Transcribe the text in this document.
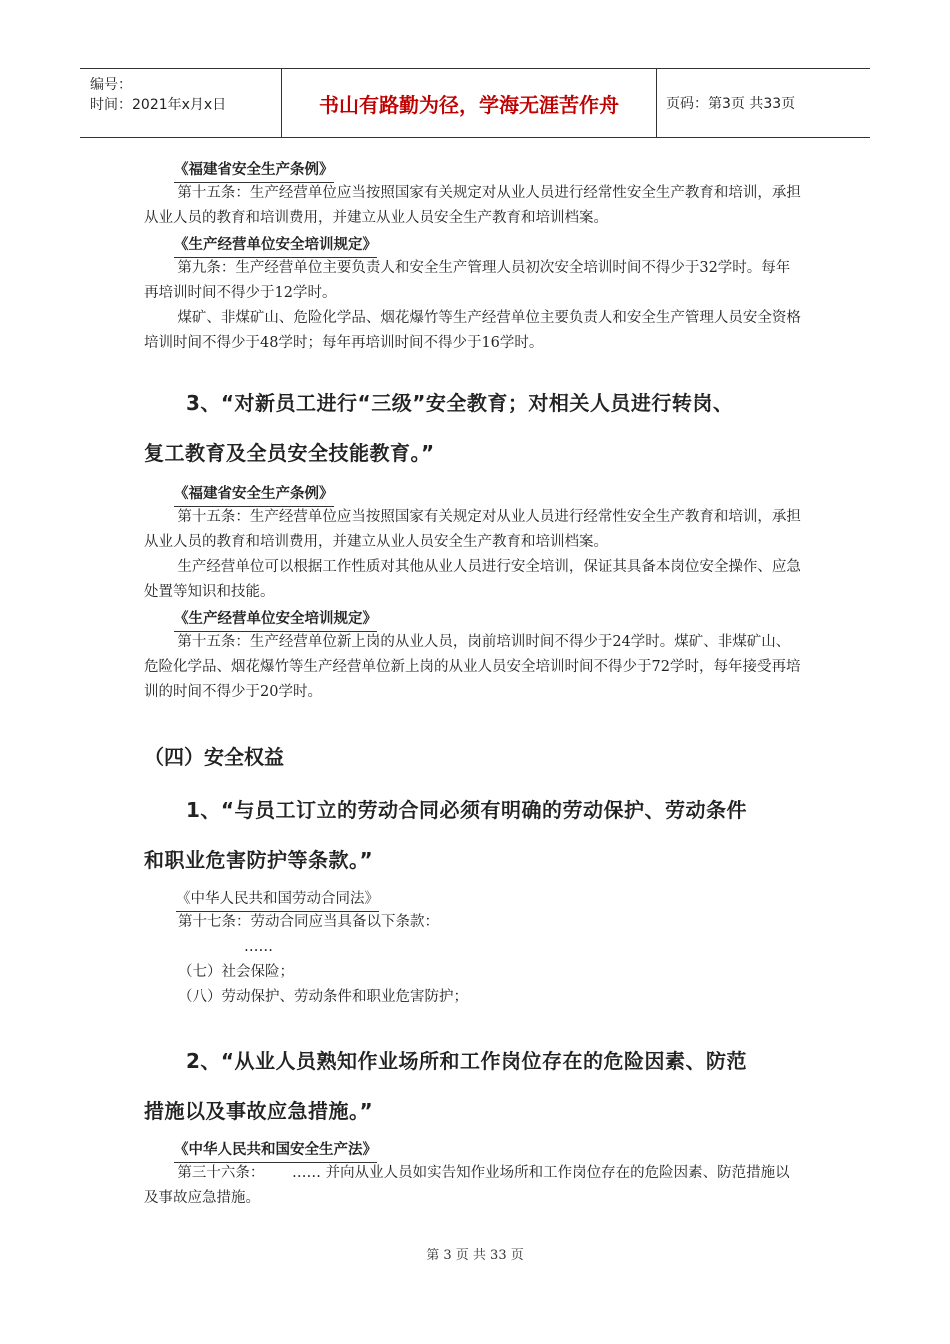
编号：
时间：2021年x月x日	书山有路勤为径，学海无涯苦作舟	页码：第3页 共33页
《福建省安全生产条例》

第十五条：生产经营单位应当按照国家有关规定对从业人员进行经常性安全生产教育和培训，承担从业人员的教育和培训费用，并建立从业人员安全生产教育和培训档案。

《生产经营单位安全培训规定》

第九条：生产经营单位主要负责人和安全生产管理人员初次安全培训时间不得少于32学时。每年再培训时间不得少于12学时。

煤矿、非煤矿山、危险化学品、烟花爆竹等生产经营单位主要负责人和安全生产管理人员安全资格培训时间不得少于48学时；每年再培训时间不得少于16学时。

3、“对新员工进行“三级”安全教育；对相关人员进行转岗、

复工教育及全员安全技能教育。”

《福建省安全生产条例》

第十五条：生产经营单位应当按照国家有关规定对从业人员进行经常性安全生产教育和培训，承担从业人员的教育和培训费用，并建立从业人员安全生产教育和培训档案。

生产经营单位可以根据工作性质对其他从业人员进行安全培训，保证其具备本岗位安全操作、应急处置等知识和技能。

《生产经营单位安全培训规定》

第十五条：生产经营单位新上岗的从业人员，岗前培训时间不得少于24学时。煤矿、非煤矿山、危险化学品、烟花爆竹等生产经营单位新上岗的从业人员安全培训时间不得少于72学时，每年接受再培训的时间不得少于20学时。

（四）安全权益

1、“与员工订立的劳动合同必须有明确的劳动保护、劳动条件

和职业危害防护等条款。”

《中华人民共和国劳动合同法》

第十七条：劳动合同应当具备以下条款：

……

（七）社会保险；

（八）劳动保护、劳动条件和职业危害防护；

2、“从业人员熟知作业场所和工作岗位存在的危险因素、防范

措施以及事故应急措施。”

《中华人民共和国安全生产法》

第三十六条：      …… 并向从业人员如实告知作业场所和工作岗位存在的危险因素、防范措施以及事故应急措施。

第 3 页 共 33 页
